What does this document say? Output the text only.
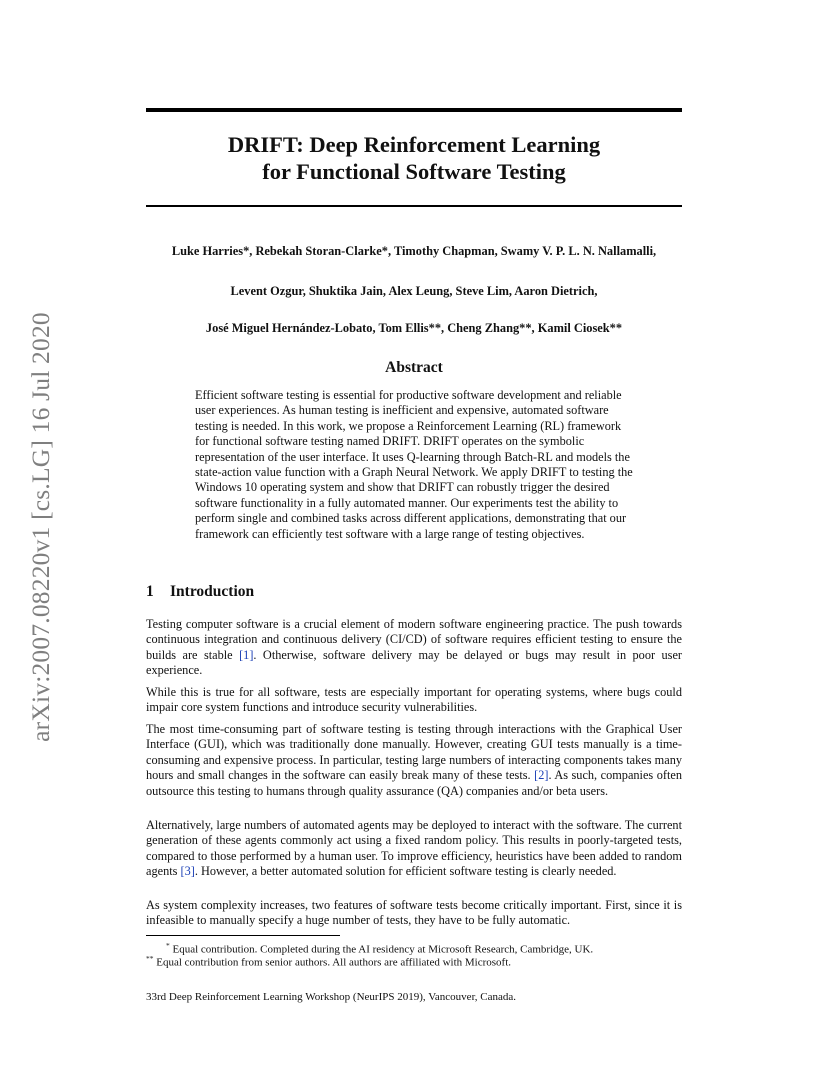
arXiv:2007.08220v1 [cs.LG] 16 Jul 2020
DRIFT: Deep Reinforcement Learning
for Functional Software Testing
Luke Harries*, Rebekah Storan-Clarke*, Timothy Chapman, Swamy V. P. L. N. Nallamalli,
Levent Ozgur, Shuktika Jain, Alex Leung, Steve Lim, Aaron Dietrich,
José Miguel Hernández-Lobato, Tom Ellis**, Cheng Zhang**, Kamil Ciosek**
Abstract
Efficient software testing is essential for productive software development and reliable user experiences. As human testing is inefficient and expensive, automated software testing is needed. In this work, we propose a Reinforcement Learning (RL) framework for functional software testing named DRIFT. DRIFT operates on the symbolic representation of the user interface. It uses Q-learning through Batch-RL and models the state-action value function with a Graph Neural Network. We apply DRIFT to testing the Windows 10 operating system and show that DRIFT can robustly trigger the desired software functionality in a fully automated manner. Our experiments test the ability to perform single and combined tasks across different applications, demonstrating that our framework can efficiently test software with a large range of testing objectives.
1 Introduction
Testing computer software is a crucial element of modern software engineering practice. The push towards continuous integration and continuous delivery (CI/CD) of software requires efficient testing to ensure the builds are stable [1]. Otherwise, software delivery may be delayed or bugs may result in poor user experience.
While this is true for all software, tests are especially important for operating systems, where bugs could impair core system functions and introduce security vulnerabilities.
The most time-consuming part of software testing is testing through interactions with the Graphical User Interface (GUI), which was traditionally done manually. However, creating GUI tests manually is a time-consuming and expensive process. In particular, testing large numbers of interacting components takes many hours and small changes in the software can easily break many of these tests. [2]. As such, companies often outsource this testing to humans through quality assurance (QA) companies and/or beta users.
Alternatively, large numbers of automated agents may be deployed to interact with the software. The current generation of these agents commonly act using a fixed random policy. This results in poorly-targeted tests, compared to those performed by a human user. To improve efficiency, heuristics have been added to random agents [3]. However, a better automated solution for efficient software testing is clearly needed.
As system complexity increases, two features of software tests become critically important. First, since it is infeasible to manually specify a huge number of tests, they have to be fully automatic.
* Equal contribution. Completed during the AI residency at Microsoft Research, Cambridge, UK.
** Equal contribution from senior authors. All authors are affiliated with Microsoft.
33rd Deep Reinforcement Learning Workshop (NeurIPS 2019), Vancouver, Canada.
